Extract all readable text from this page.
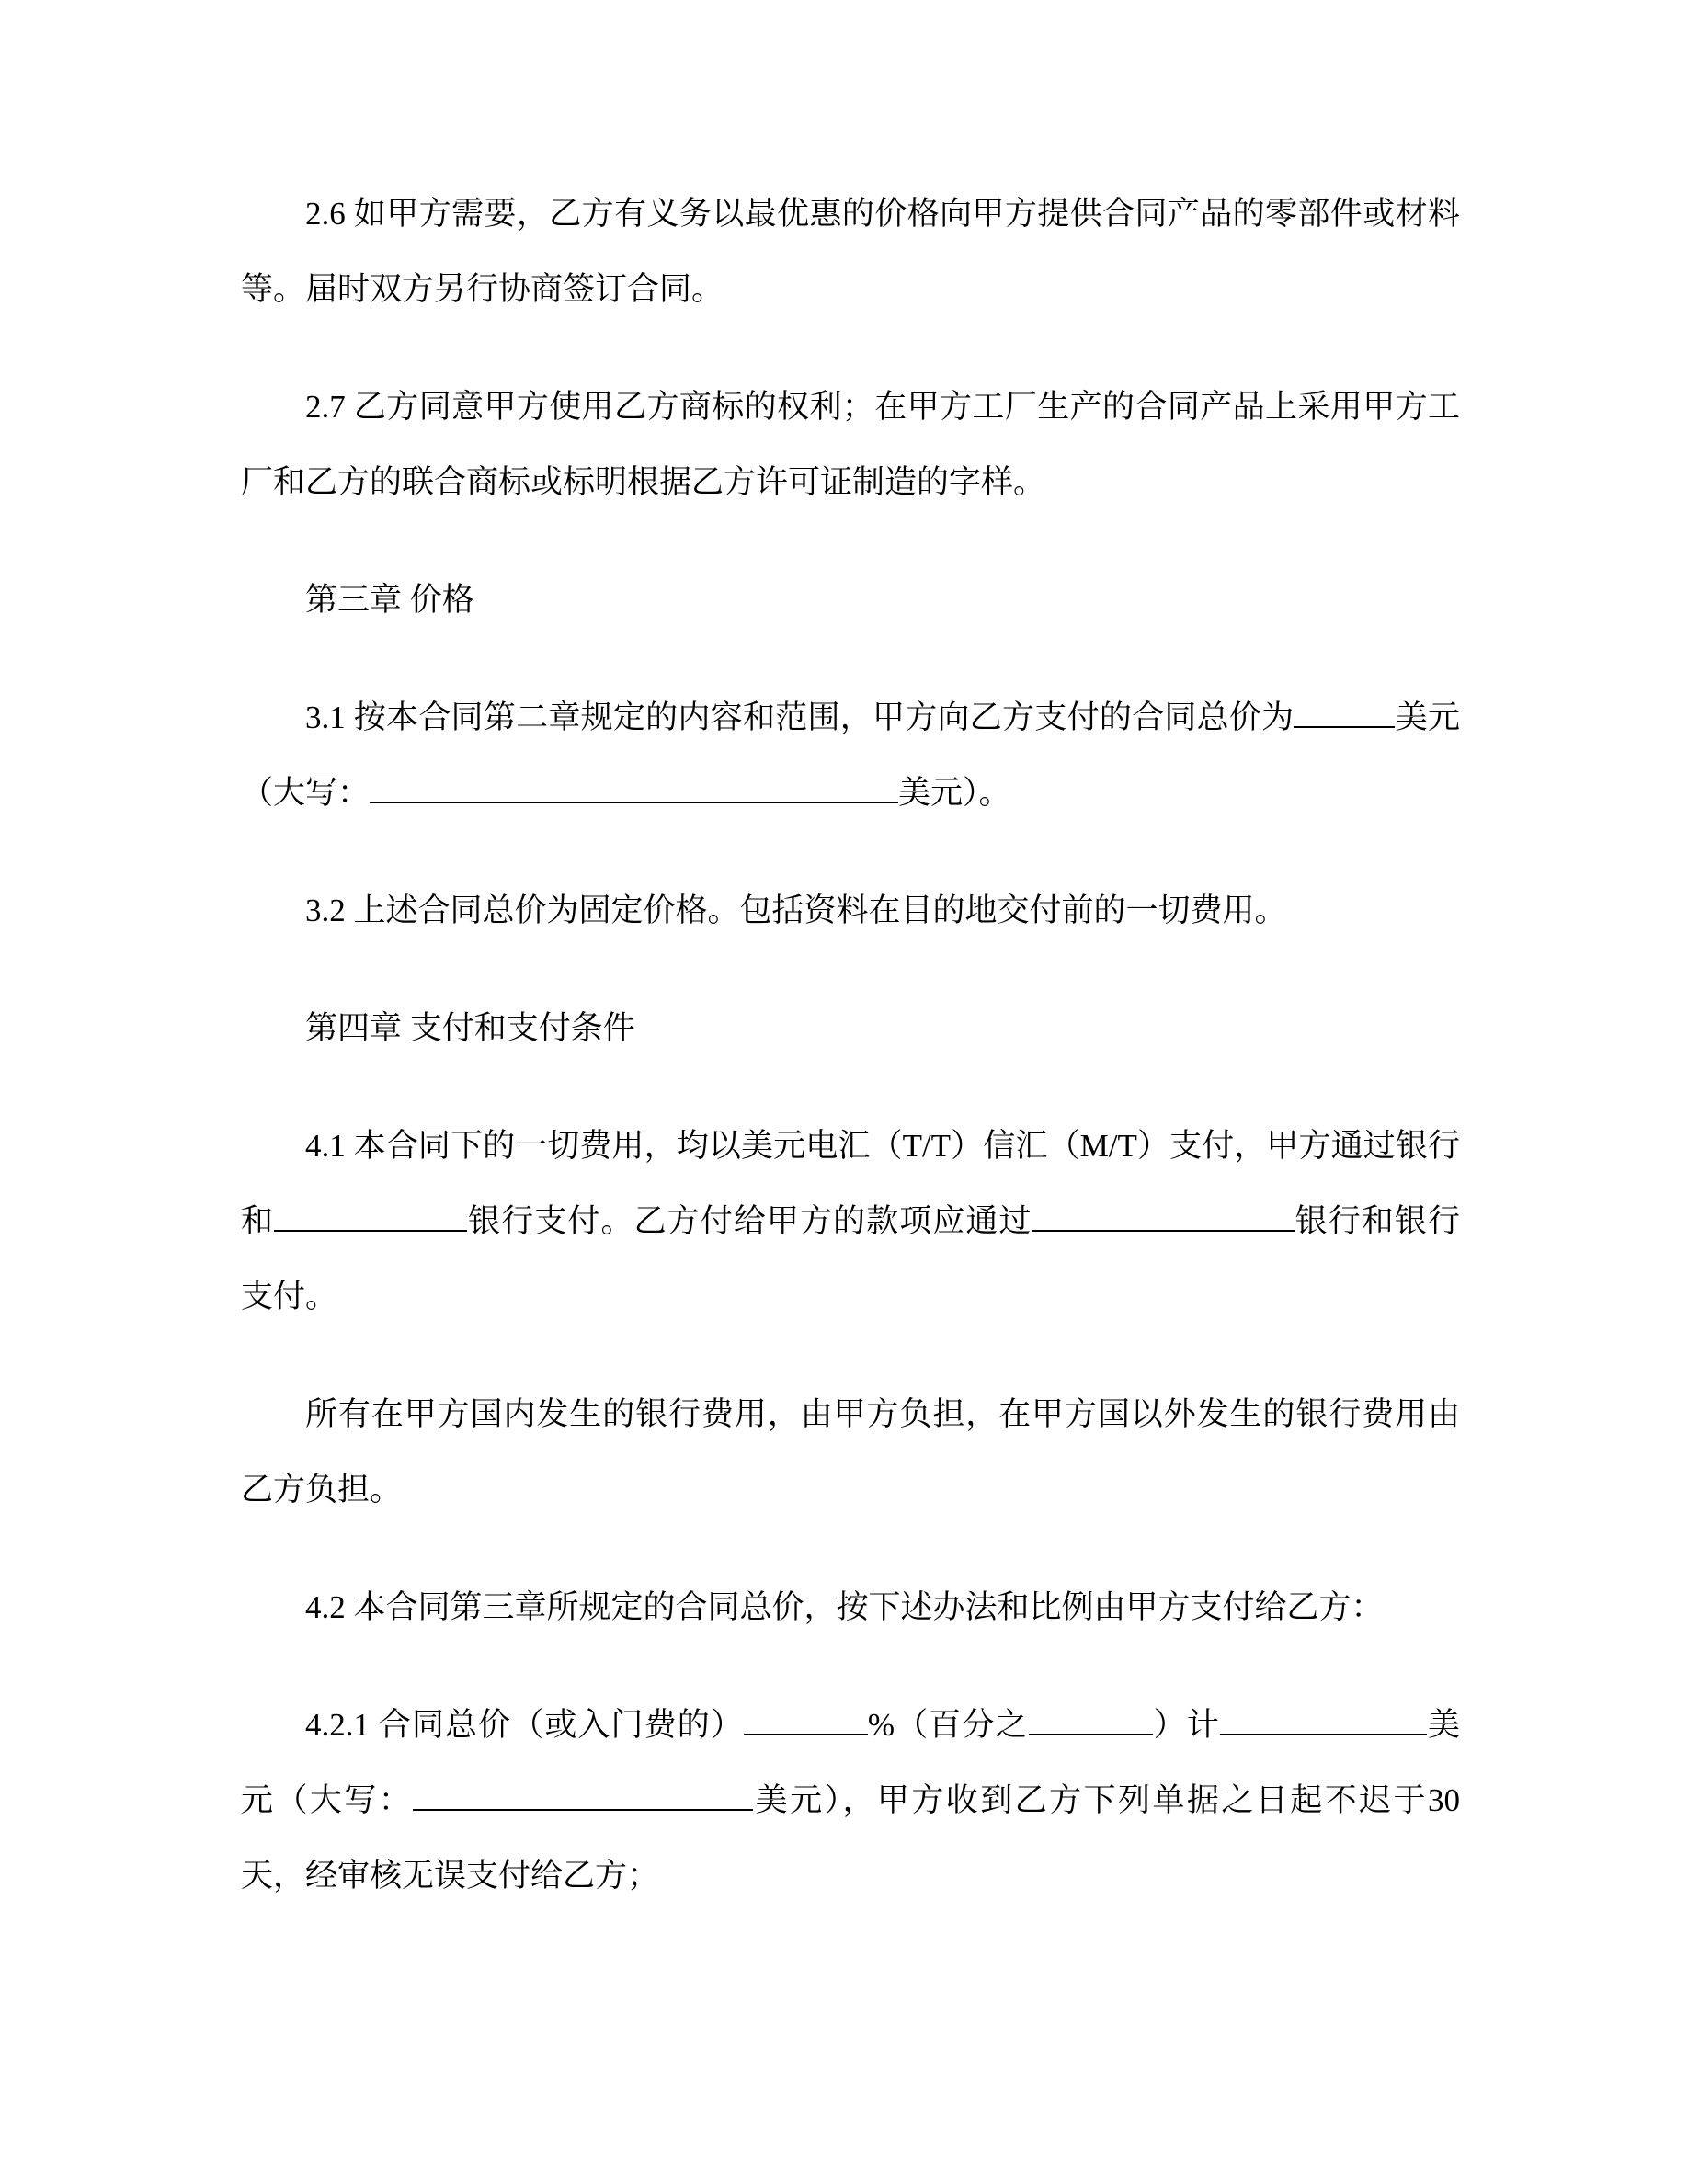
2.6 如甲方需要，乙方有义务以最优惠的价格向甲方提供合同产品的零部件或材料等。届时双方另行协商签订合同。

2.7 乙方同意甲方使用乙方商标的权利；在甲方工厂生产的合同产品上采用甲方工厂和乙方的联合商标或标明根据乙方许可证制造的字样。

第三章 价格

3.1 按本合同第二章规定的内容和范围，甲方向乙方支付的合同总价为	美元（大写：	美元）。

3.2 上述合同总价为固定价格。包括资料在目的地交付前的一切费用。

第四章 支付和支付条件

4.1 本合同下的一切费用，均以美元电汇（T/T）信汇（M/T）支付，甲方通过银行和	银行支付。乙方付给甲方的款项应通过	银行和银行支付。

所有在甲方国内发生的银行费用，由甲方负担，在甲方国以外发生的银行费用由乙方负担。

4.2 本合同第三章所规定的合同总价，按下述办法和比例由甲方支付给乙方：

4.2.1 合同总价（或入门费的）	%（百分之	）计	美元（大写：	美元），甲方收到乙方下列单据之日起不迟于30天，经审核无误支付给乙方；
